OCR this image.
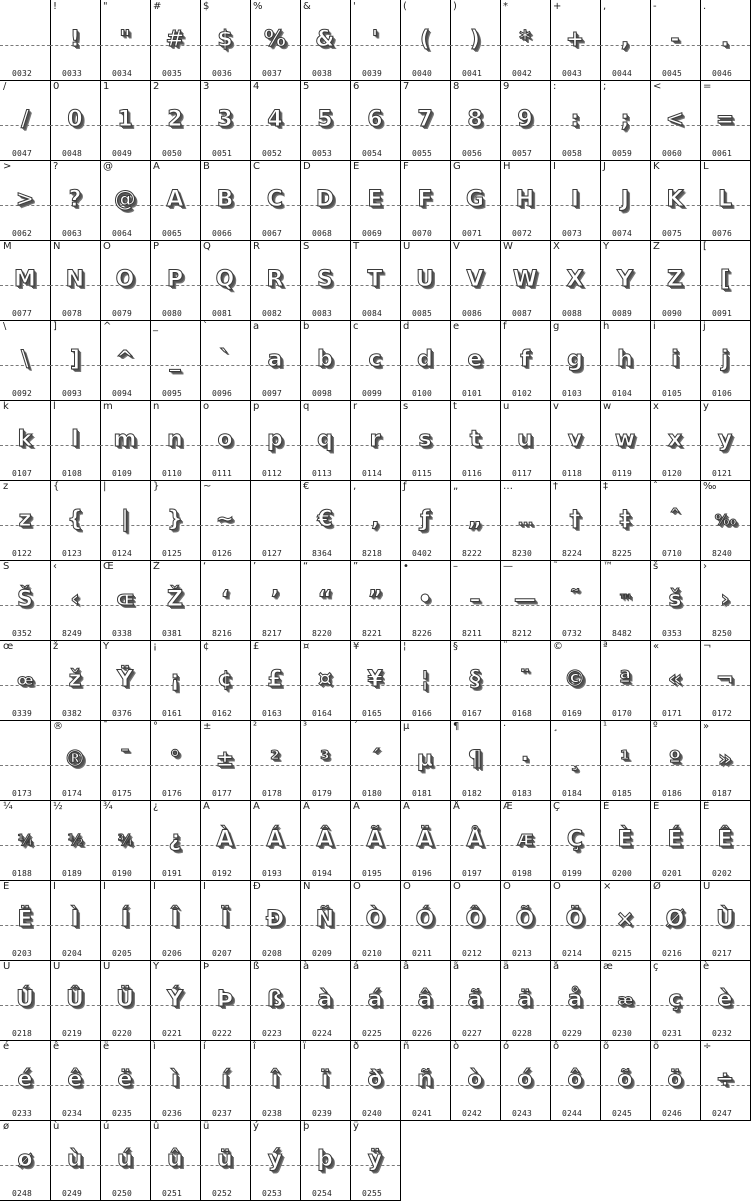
0032
!
!
0033
"
"
0034
#
#
0035
$
$
0036
%
%
0037
&
&
0038
'
'
0039
(
(
0040
)
)
0041
*
*
0042
+
+
0043
,
,
0044
-
-
0045
.
.
0046
/
/
0047
0
0
0048
1
1
0049
2
2
0050
3
3
0051
4
4
0052
5
5
0053
6
6
0054
7
7
0055
8
8
0056
9
9
0057
:
:
0058
;
;
0059
<
<
0060
=
=
0061
>
>
0062
?
?
0063
@
@
0064
A
A
0065
B
B
0066
C
C
0067
D
D
0068
E
E
0069
F
F
0070
G
G
0071
H
H
0072
I
I
0073
J
J
0074
K
K
0075
L
L
0076
M
M
0077
N
N
0078
O
O
0079
P
P
0080
Q
Q
0081
R
R
0082
S
S
0083
T
T
0084
U
U
0085
V
V
0086
W
W
0087
X
X
0088
Y
Y
0089
Z
Z
0090
[
[
0091
\
\
0092
]
]
0093
^
^
0094
_
_
0095
`
`
0096
a
a
0097
b
b
0098
c
c
0099
d
d
0100
e
e
0101
f
f
0102
g
g
0103
h
h
0104
i
i
0105
j
j
0106
k
k
0107
l
l
0108
m
m
0109
n
n
0110
o
o
0111
p
p
0112
q
q
0113
r
r
0114
s
s
0115
t
t
0116
u
u
0117
v
v
0118
w
w
0119
x
x
0120
y
y
0121
z
z
0122
{
{
0123
|
|
0124
}
}
0125
~
~
0126	0127
€
€
8364
‚
‚
8218
ƒ
ƒ
0402
„
„
8222
…
…
8230
†
†
8224
‡
‡
8225
ˆ
ˆ
0710
‰
‰
8240
Š
Š
0352
‹
‹
8249
Œ
Œ
0338
Ž
Ž
0381
‘
‘
8216
’
’
8217
“
“
8220
”
”
8221
•
•
8226
–
–
8211
—
—
8212
˜
˜
0732
™
™
8482
š
š
0353
›
›
8250
œ
œ
0339
ž
ž
0382
Ÿ
Ÿ
0376
¡
¡
0161
¢
¢
0162
£
£
0163
¤
¤
0164
¥
¥
0165
¦
¦
0166
§
§
0167
¨
¨
0168
©
©
0169
ª
ª
0170
«
«
0171
¬
¬
0172
0173
®
®
0174
¯
¯
0175
°
°
0176
±
±
0177
²
²
0178
³
³
0179
´
´
0180
µ
µ
0181
¶
¶
0182
·
·
0183
¸
¸
0184
¹
¹
0185
º
º
0186
»
»
0187
¼
¼
0188
½
½
0189
¾
¾
0190
¿
¿
0191
À
À
0192
Á
Á
0193
Â
Â
0194
Ã
Ã
0195
Ä
Ä
0196
Å
Å
0197
Æ
Æ
0198
Ç
Ç
0199
È
È
0200
É
É
0201
Ê
Ê
0202
Ë
Ë
0203
Ì
Ì
0204
Í
Í
0205
Î
Î
0206
Ï
Ï
0207
Ð
Ð
0208
Ñ
Ñ
0209
Ò
Ò
0210
Ó
Ó
0211
Ô
Ô
0212
Õ
Õ
0213
Ö
Ö
0214
×
×
0215
Ø
Ø
0216
Ù
Ù
0217
Ú
Ú
0218
Û
Û
0219
Ü
Ü
0220
Ý
Ý
0221
Þ
Þ
0222
ß
ß
0223
à
à
0224
á
á
0225
â
â
0226
ã
ã
0227
ä
ä
0228
å
å
0229
æ
æ
0230
ç
ç
0231
è
è
0232
é
é
0233
ê
ê
0234
ë
ë
0235
ì
ì
0236
í
í
0237
î
î
0238
ï
ï
0239
ð
ð
0240
ñ
ñ
0241
ò
ò
0242
ó
ó
0243
ô
ô
0244
õ
õ
0245
ö
ö
0246
÷
÷
0247
ø
ø
0248
ù
ù
0249
ú
ú
0250
û
û
0251
ü
ü
0252
ý
ý
0253
þ
þ
0254
ÿ
ÿ
0255
